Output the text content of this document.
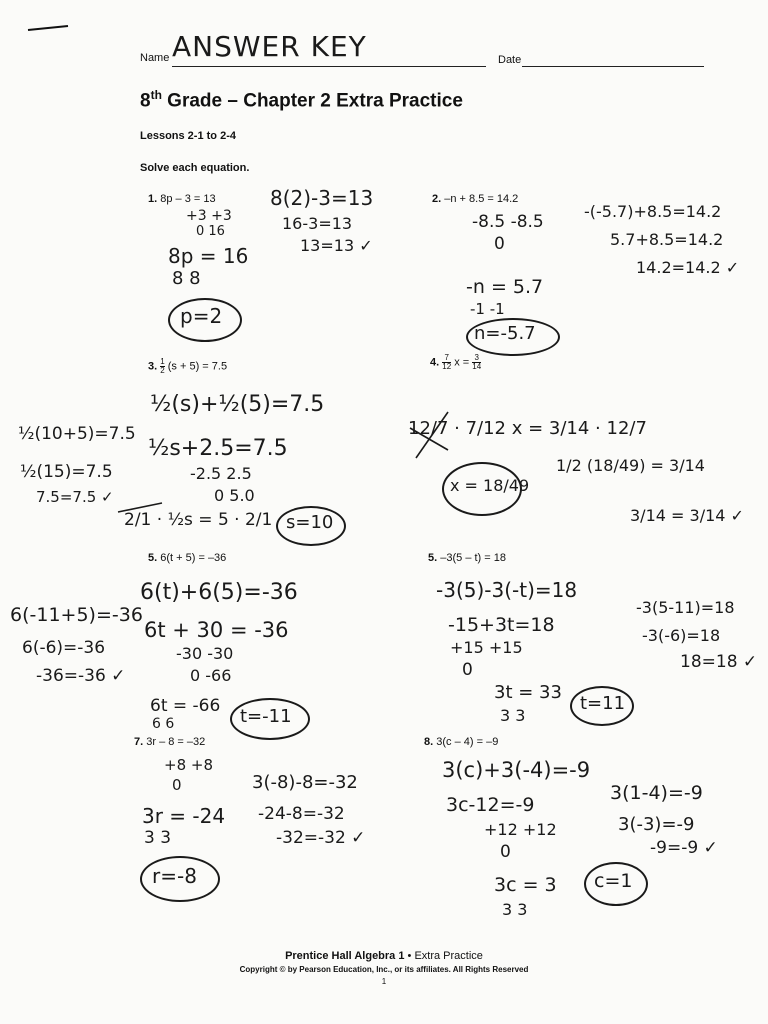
Name ANSWER KEY	Date
8th Grade – Chapter 2 Extra Practice
Lessons 2-1 to 2-4
Solve each equation.
1. 8p – 3 = 13
+3 +3
0 16
8p = 16
8 8
8(2)-3=13
16-3=13
13=13 ✓
p=2
2. –n + 8.5 = 14.2
-8.5 -8.5
0
-n = 5.7
-1 -1
-(-5.7)+8.5=14.2
5.7+8.5=14.2
14.2=14.2 ✓
n=-5.7
3. $\frac{1}{2} (s + 5) = 7.5$
½(s)+½(5)=7.5
½s+2.5=7.5
-2.5 2.5
0 5.0
2/1 · ½s = 5 · 2/1
½(10+5)=7.5
½(15)=7.5
7.5=7.5 ✓
s=10
4. $\frac{7}{12}$ $x = \frac{3}{14}$
12/7 · 7/12 x = 3/14 · 12/7
1/2 (18/49) = 3/14
3/14 = 3/14 ✓
x = 18/49
5. 6(t + 5) = –36
6(t)+6(5)=-36
6t + 30 = -36
-30 -30
0 -66
6t = -66
6 6
6(-11+5)=-36
6(-6)=-36
-36=-36 ✓
t=-11
5. –3(5 – t) = 18
-3(5)-3(-t)=18
-15+3t=18
+15 +15
0
3t = 33
3 3
-3(5-11)=18
-3(-6)=18
18=18 ✓
t=11
7. 3r – 8 = –32
+8 +8
0
3r = -24
3 3
3(-8)-8=-32
-24-8=-32
-32=-32 ✓
r=-8
8. 3(c – 4) = –9
3(c)+3(-4)=-9
3c-12=-9
+12 +12
0
3c = 3
3 3
3(1-4)=-9
3(-3)=-9
-9=-9 ✓
c=1
Prentice Hall Algebra 1 • Extra Practice
Copyright © by Pearson Education, Inc., or its affiliates. All Rights Reserved
1
